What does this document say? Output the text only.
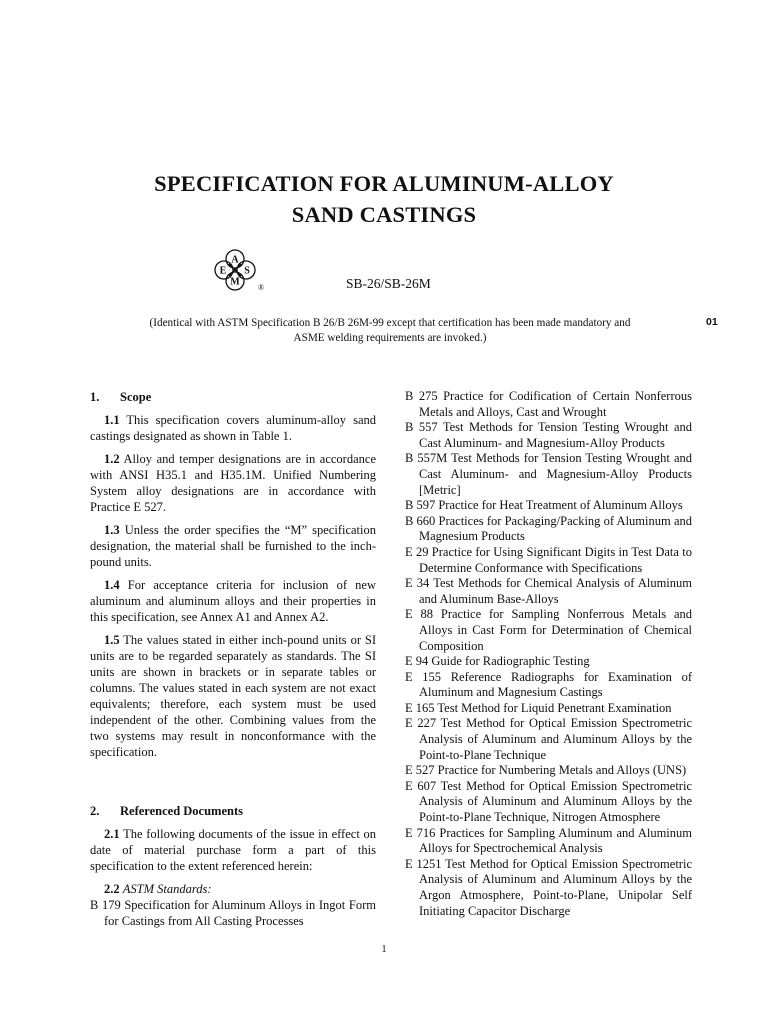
SPECIFICATION FOR ALUMINUM-ALLOY
SAND CASTINGS
A
E S
M ®	SB-26/SB-26M
(Identical with ASTM Specification B 26/B 26M-99 except that certification has been made mandatory and
ASME welding requirements are invoked.)
01
1. Scope

1.1 This specification covers aluminum-alloy sand castings designated as shown in Table 1.

1.2 Alloy and temper designations are in accordance with ANSI H35.1 and H35.1M. Unified Numbering System alloy designations are in accordance with Practice E 527.

1.3 Unless the order specifies the “M” specification designation, the material shall be furnished to the inch-pound units.

1.4 For acceptance criteria for inclusion of new aluminum and aluminum alloys and their properties in this specification, see Annex A1 and Annex A2.

1.5 The values stated in either inch-pound units or SI units are to be regarded separately as standards. The SI units are shown in brackets or in separate tables or columns. The values stated in each system are not exact equivalents; therefore, each system must be used independent of the other. Combining values from the two systems may result in nonconformance with the specification.

2. Referenced Documents

2.1 The following documents of the issue in effect on date of material purchase form a part of this specification to the extent referenced herein:

2.2 ASTM Standards:

B 179 Specification for Aluminum Alloys in Ingot Form for Castings from All Casting Processes

B 275 Practice for Codification of Certain Nonferrous Metals and Alloys, Cast and Wrought

B 557 Test Methods for Tension Testing Wrought and Cast Aluminum- and Magnesium-Alloy Products

B 557M Test Methods for Tension Testing Wrought and Cast Aluminum- and Magnesium-Alloy Products [Metric]

B 597 Practice for Heat Treatment of Aluminum Alloys

B 660 Practices for Packaging/Packing of Aluminum and Magnesium Products

E 29 Practice for Using Significant Digits in Test Data to Determine Conformance with Specifications

E 34 Test Methods for Chemical Analysis of Aluminum and Aluminum Base-Alloys

E 88 Practice for Sampling Nonferrous Metals and Alloys in Cast Form for Determination of Chemical Composition

E 94 Guide for Radiographic Testing

E 155 Reference Radiographs for Examination of Aluminum and Magnesium Castings

E 165 Test Method for Liquid Penetrant Examination

E 227 Test Method for Optical Emission Spectrometric Analysis of Aluminum and Aluminum Alloys by the Point-to-Plane Technique

E 527 Practice for Numbering Metals and Alloys (UNS)

E 607 Test Method for Optical Emission Spectrometric Analysis of Aluminum and Aluminum Alloys by the Point-to-Plane Technique, Nitrogen Atmosphere

E 716 Practices for Sampling Aluminum and Aluminum Alloys for Spectrochemical Analysis

E 1251 Test Method for Optical Emission Spectrometric Analysis of Aluminum and Aluminum Alloys by the Argon Atmosphere, Point-to-Plane, Unipolar Self Initiating Capacitor Discharge

1
